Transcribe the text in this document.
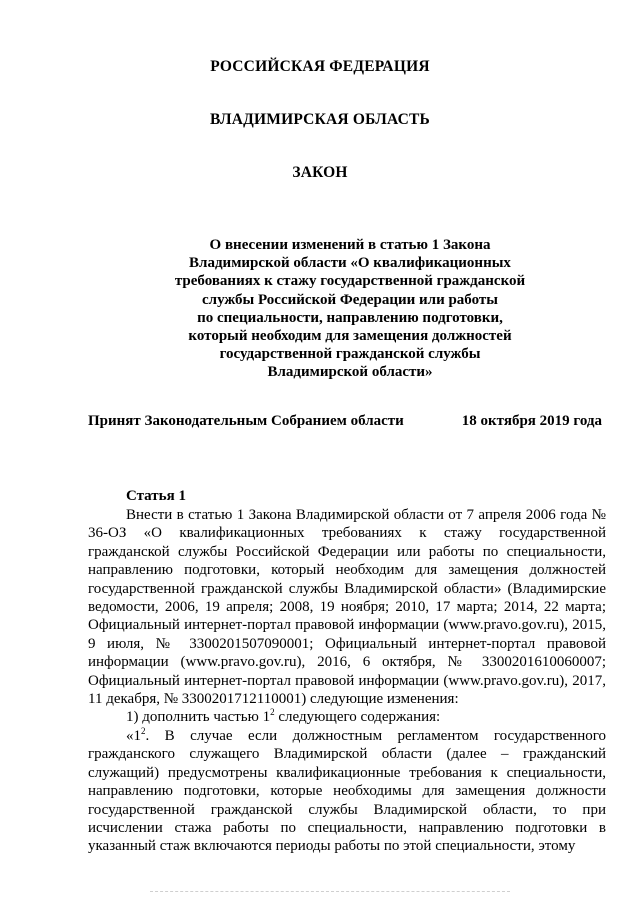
РОССИЙСКАЯ ФЕДЕРАЦИЯ
ВЛАДИМИРСКАЯ ОБЛАСТЬ
ЗАКОН
О внесении изменений в статью 1 Закона
Владимирской области «О квалификационных
требованиях к стажу государственной гражданской
службы Российской Федерации или работы
по специальности, направлению подготовки,
который необходим для замещения должностей
государственной гражданской службы
Владимирской области»
Принят Законодательным Собранием области	18 октября 2019 года
Статья 1

Внести в статью 1 Закона Владимирской области от 7 апреля 2006 года № 36-ОЗ «О квалификационных требованиях к стажу государственной гражданской службы Российской Федерации или работы по специальности, направлению подготовки, который необходим для замещения должностей государственной гражданской службы Владимирской области» (Владимирские ведомости, 2006, 19 апреля; 2008, 19 ноября; 2010, 17 марта; 2014, 22 марта; Официальный интернет-портал правовой информации (www.pravo.gov.ru), 2015, 9 июля, № 3300201507090001; Официальный интернет-портал правовой информации (www.pravo.gov.ru), 2016, 6 октября, № 3300201610060007; Официальный интернет-портал правовой информации (www.pravo.gov.ru), 2017, 11 декабря, № 3300201712110001) следующие изменения:

1) дополнить частью $1^2$ следующего содержания:

«$1^2$. В случае если должностным регламентом государственного гражданского служащего Владимирской области (далее – гражданский служащий) предусмотрены квалификационные требования к специальности, направлению подготовки, которые необходимы для замещения должности государственной гражданской службы Владимирской области, то при исчислении стажа работы по специальности, направлению подготовки в указанный стаж включаются периоды работы по этой специальности, этому
